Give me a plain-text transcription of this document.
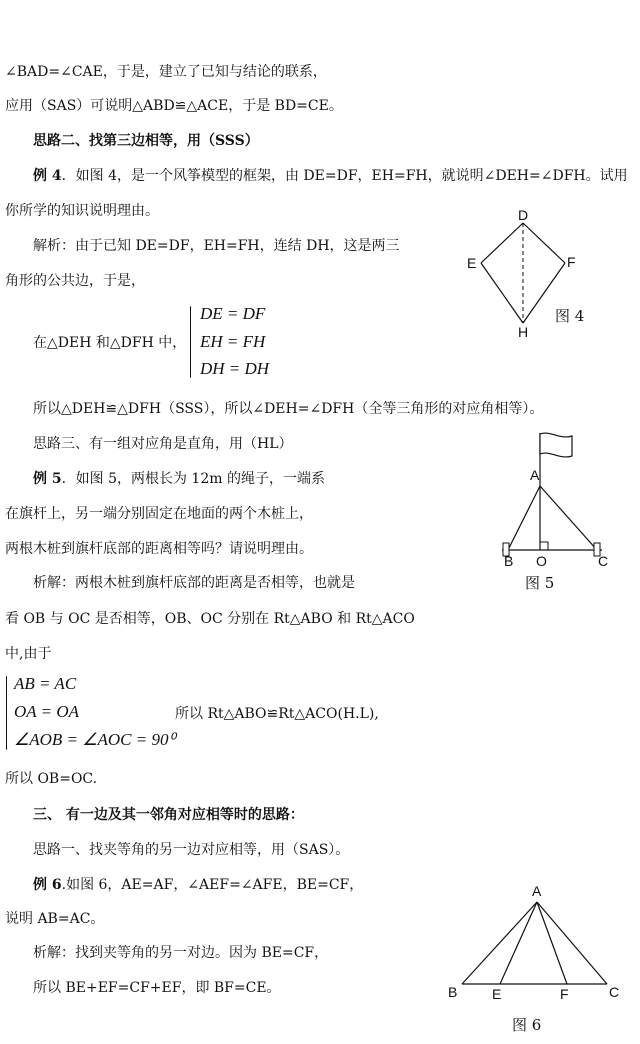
∠BAD=∠CAE，于是，建立了已知与结论的联系，
应用（SAS）可说明△ABD≌△ACE，于是 BD=CE。
思路二、找第三边相等，用（SSS）
例 4．如图 4，是一个风筝模型的框架，由 DE=DF，EH=FH，就说明∠DEH=∠DFH。试用
你所学的知识说明理由。
解析：由于已知 DE=DF，EH=FH，连结 DH，这是两三
角形的公共边，于是，
在△DEH 和△DFH 中，
DE = DF
EH = FH
DH = DH
所以△DEH≌△DFH（SSS），所以∠DEH=∠DFH（全等三角形的对应角相等）。
思路三、有一组对应角是直角，用（HL）
例 5．如图 5，两根长为 12m 的绳子，一端系
在旗杆上，另一端分别固定在地面的两个木桩上，
两根木桩到旗杆底部的距离相等吗？请说明理由。
析解：两根木桩到旗杆底部的距离是否相等，也就是
看 OB 与 OC 是否相等，OB、OC 分别在 Rt△ABO 和 Rt△ACO
中,由于
AB = AC
OA = OA
∠AOB = ∠AOC = 90⁰
所以 Rt△ABO≌Rt△ACO(H.L),
所以 OB=OC.
三、 有一边及其一邻角对应相等时的思路：
思路一、找夹等角的另一边对应相等，用（SAS）。
例 6.如图 6，AE=AF，∠AEF=∠AFE，BE=CF，
说明 AB=AC。
析解：找到夹等角的另一对边。因为 BE=CF，
所以 BE+EF=CF+EF，即 BF=CE。
D
E	F
H
图 4
A
B O	C
图 5
A
B E	F	C
图 6
